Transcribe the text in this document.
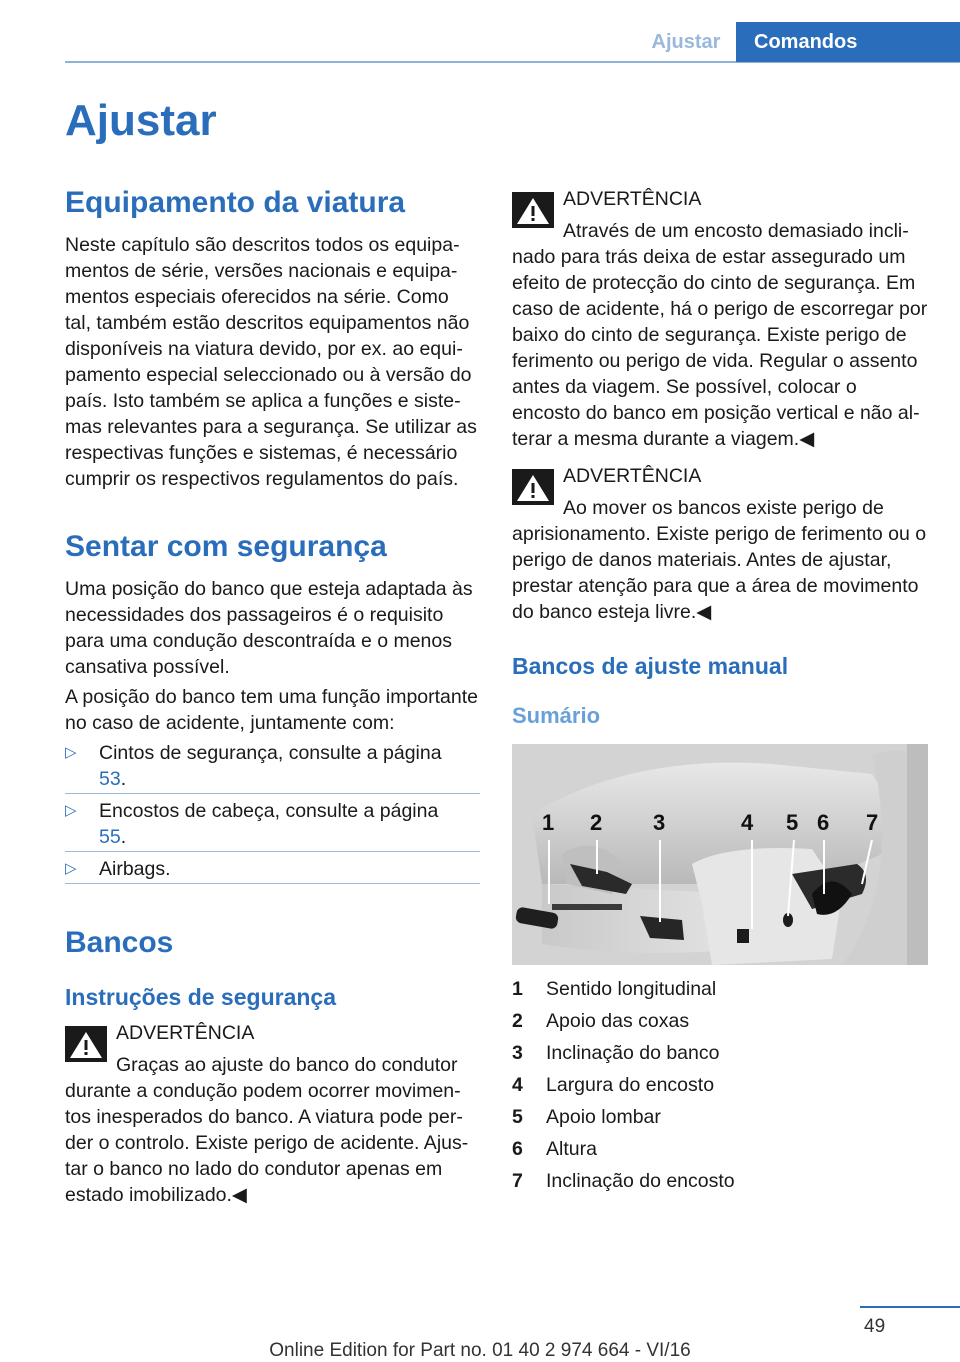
Ajustar	Comandos
Ajustar
Equipamento da viatura
Neste capítulo são descritos todos os equipamentos de série, versões nacionais e equipamentos especiais oferecidos na série. Como tal, também estão descritos equipamentos não disponíveis na viatura devido, por ex. ao equipamento especial seleccionado ou à versão do país. Isto também se aplica a funções e sistemas relevantes para a segurança. Se utilizar as respectivas funções e sistemas, é necessário cumprir os respectivos regulamentos do país.
Sentar com segurança
Uma posição do banco que esteja adaptada às necessidades dos passageiros é o requisito para uma condução descontraída e o menos cansativa possível.
A posição do banco tem uma função importante no caso de acidente, juntamente com:
▷ Cintos de segurança, consulte a página 53.
▷ Encostos de cabeça, consulte a página 55.
▷ Airbags.
Bancos
Instruções de segurança
ADVERTÊNCIA
Graças ao ajuste do banco do condutor durante a condução podem ocorrer movimentos inesperados do banco. A viatura pode perder o controlo. Existe perigo de acidente. Ajustar o banco no lado do condutor apenas em estado imobilizado.◀
ADVERTÊNCIA
Através de um encosto demasiado inclinado para trás deixa de estar assegurado um efeito de protecção do cinto de segurança. Em caso de acidente, há o perigo de escorregar por baixo do cinto de segurança. Existe perigo de ferimento ou perigo de vida. Regular o assento antes da viagem. Se possível, colocar o encosto do banco em posição vertical e não alterar a mesma durante a viagem.◀
ADVERTÊNCIA
Ao mover os bancos existe perigo de aprisionamento. Existe perigo de ferimento ou o perigo de danos materiais. Antes de ajustar, prestar atenção para que a área de movimento do banco esteja livre.◀
Bancos de ajuste manual
Sumário
1 2 3	4 5 6 7
1 Sentido longitudinal
2 Apoio das coxas
3 Inclinação do banco
4 Largura do encosto
5 Apoio lombar
6 Altura
7 Inclinação do encosto
49
Online Edition for Part no. 01 40 2 974 664 - VI/16
